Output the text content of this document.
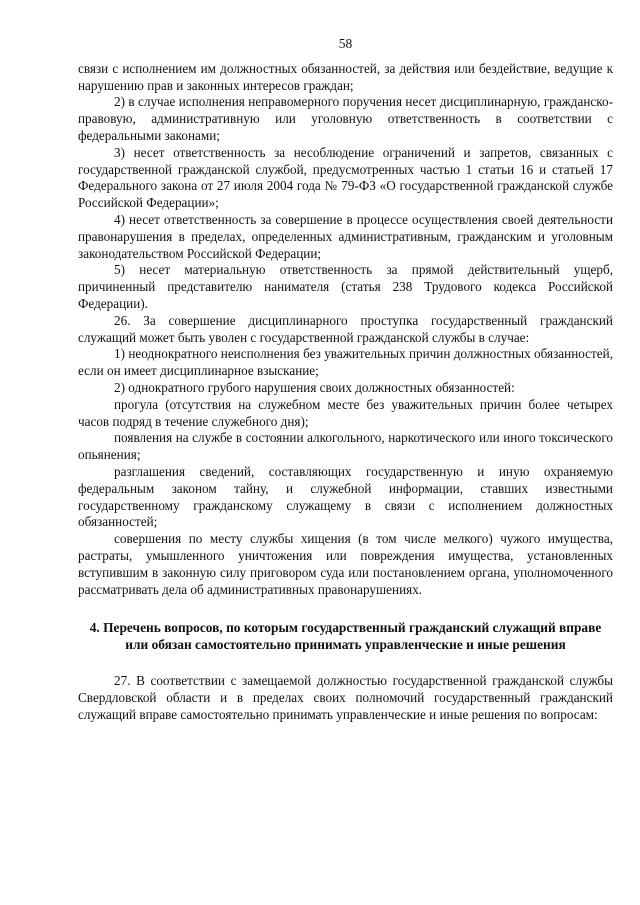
58

связи с исполнением им должностных обязанностей, за действия или бездействие, ведущие к нарушению прав и законных интересов граждан;

2) в случае исполнения неправомерного поручения несет дисциплинарную, гражданско-правовую, административную или уголовную ответственность в соответствии с федеральными законами;

3) несет ответственность за несоблюдение ограничений и запретов, связанных с государственной гражданской службой, предусмотренных частью 1 статьи 16 и статьей 17 Федерального закона от 27 июля 2004 года № 79-ФЗ «О государственной гражданской службе Российской Федерации»;

4) несет ответственность за совершение в процессе осуществления своей деятельности правонарушения в пределах, определенных административным, гражданским и уголовным законодательством Российской Федерации;

5) несет материальную ответственность за прямой действительный ущерб, причиненный представителю нанимателя (статья 238 Трудового кодекса Российской Федерации).

26. За совершение дисциплинарного проступка государственный гражданский служащий может быть уволен с государственной гражданской службы в случае:

1) неоднократного неисполнения без уважительных причин должностных обязанностей, если он имеет дисциплинарное взыскание;

2) однократного грубого нарушения своих должностных обязанностей:

прогула (отсутствия на служебном месте без уважительных причин более четырех часов подряд в течение служебного дня);

появления на службе в состоянии алкогольного, наркотического или иного токсического опьянения;

разглашения сведений, составляющих государственную и иную охраняемую федеральным законом тайну, и служебной информации, ставших известными государственному гражданскому служащему в связи с исполнением должностных обязанностей;

совершения по месту службы хищения (в том числе мелкого) чужого имущества, растраты, умышленного уничтожения или повреждения имущества, установленных вступившим в законную силу приговором суда или постановлением органа, уполномоченного рассматривать дела об административных правонарушениях.

4. Перечень вопросов, по которым государственный гражданский служащий вправе или обязан самостоятельно принимать управленческие и иные решения

27. В соответствии с замещаемой должностью государственной гражданской службы Свердловской области и в пределах своих полномочий государственный гражданский служащий вправе самостоятельно принимать управленческие и иные решения по вопросам:
